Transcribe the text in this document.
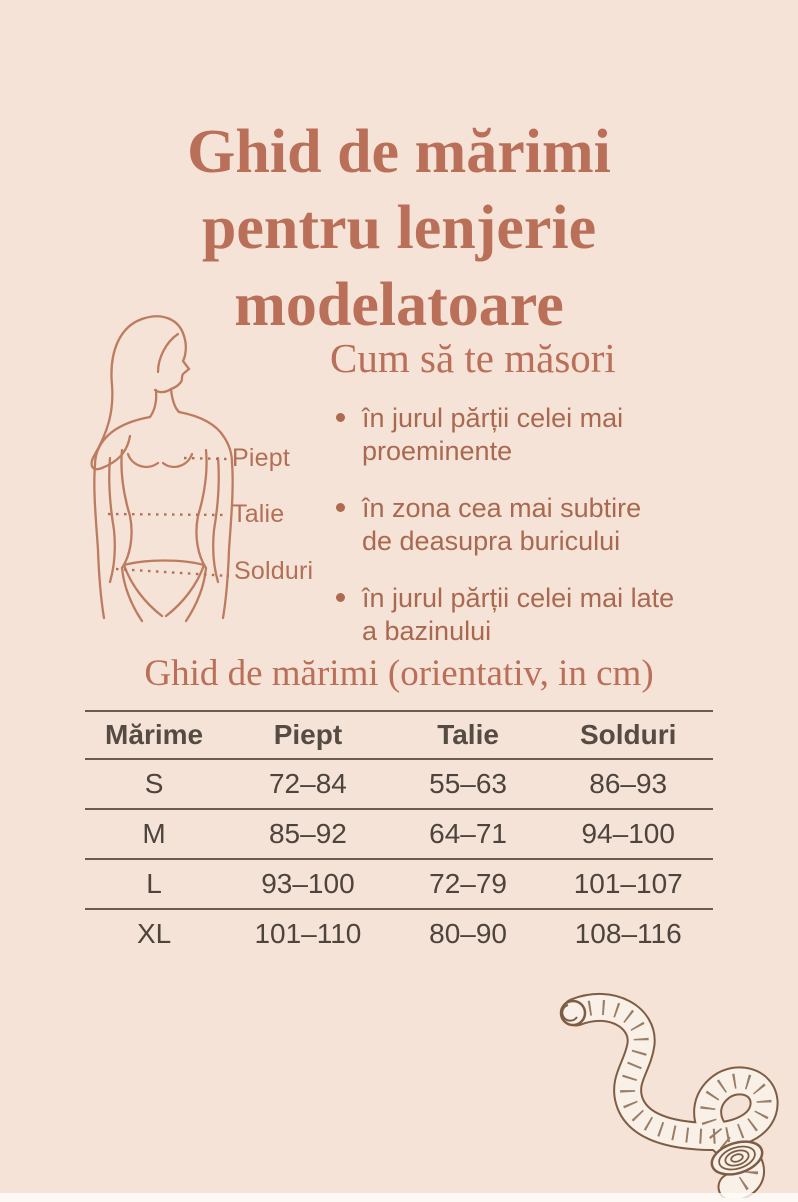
Ghid de mărimi pentru lenjerie modelatoare
Piept
Talie
Solduri
Cum să te măsori
în jurul părții celei mai proeminente
în zona cea mai subtire de deasupra buricului
în jurul părții celei mai late a bazinului
Ghid de mărimi (orientativ, in cm)
Mărime	Piept	Talie	Solduri
S	72–84	55–63	86–93
M	85–92	64–71	94–100
L	93–100	72–79	101–107
XL	101–110	80–90	108–116
